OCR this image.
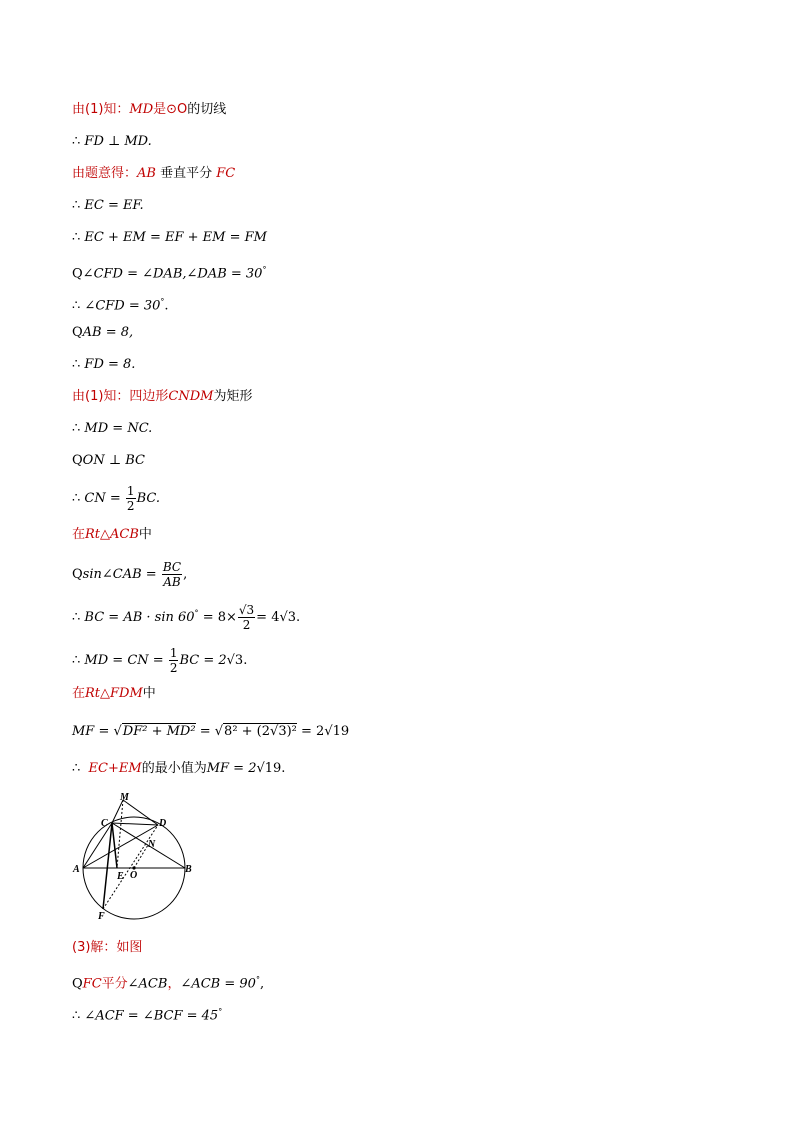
由(1)知：MD是⊙O的切线
∴ FD ⊥ MD.
由题意得：AB 垂直平分 FC
∴ EC = EF.
∴ EC + EM = EF + EM = FM
Q∠CFD = ∠DAB,∠DAB = 30°
∴ ∠CFD = 30°.
QAB = 8,
∴ FD = 8.
由(1)知：四边形CNDM为矩形
∴ MD = NC.
QON ⊥ BC
∴ CN = $\frac{1}{2}$ BC.
在Rt△ACB中
Qsin∠CAB = $\frac{BC}{AB}$ ,
∴ BC = AB · $\sin 60^\circ = 8\times \frac{√3}{2} = 4√3$.
∴ MD = CN = $\frac{1}{2}$ BC = 2√3.
在Rt△FDM中
MF = √DF² + MD² = √8² + (2√3)² = 2√19
∴ EC+EM的最小值为MF = 2√19.
M
C	D
N
A
E O
B
F
(3)解：如图
QFC平分∠ACB，∠ACB = 90°,
∴ ∠ACF = ∠BCF = 45°
